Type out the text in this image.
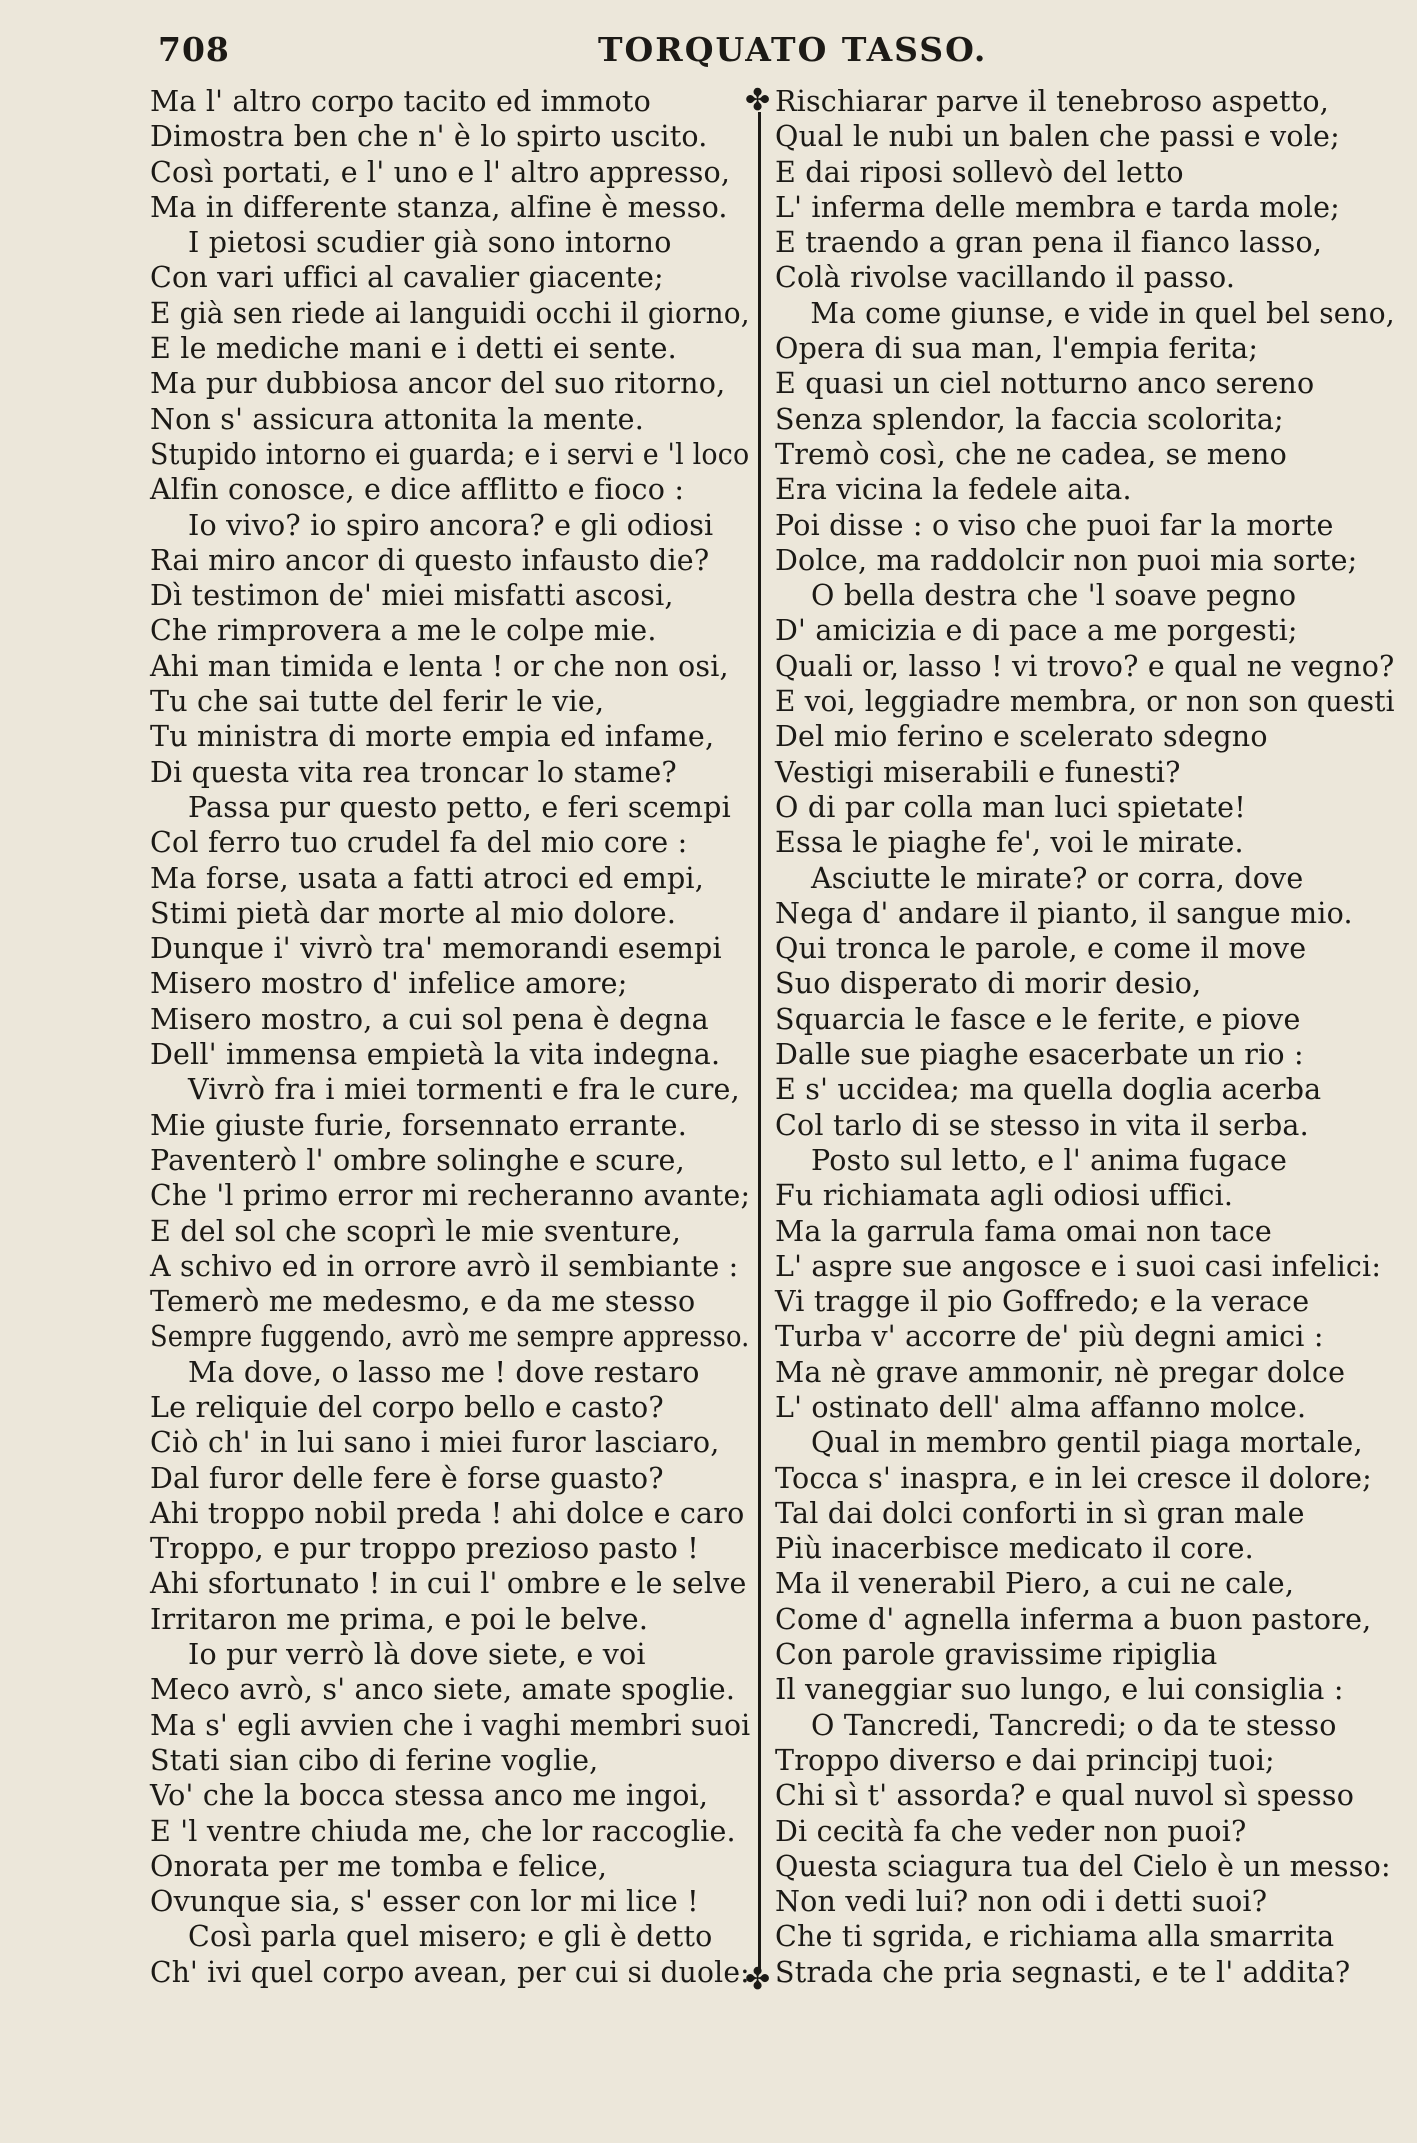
708	TORQUATO TASSO.
Ma l' altro corpo tacito ed immoto
Dimostra ben che n' è lo spirto uscito.
Così portati, e l' uno e l' altro appresso,
Ma in differente stanza, alfine è messo.
I pietosi scudier già sono intorno
Con vari uffici al cavalier giacente;
E già sen riede ai languidi occhi il giorno,
E le mediche mani e i detti ei sente.
Ma pur dubbiosa ancor del suo ritorno,
Non s' assicura attonita la mente.
Stupido intorno ei guarda; e i servi e 'l loco
Alfin conosce, e dice afflitto e fioco :
Io vivo? io spiro ancora? e gli odiosi
Rai miro ancor di questo infausto die?
Dì testimon de' miei misfatti ascosi,
Che rimprovera a me le colpe mie.
Ahi man timida e lenta ! or che non osi,
Tu che sai tutte del ferir le vie,
Tu ministra di morte empia ed infame,
Di questa vita rea troncar lo stame?
Passa pur questo petto, e feri scempi
Col ferro tuo crudel fa del mio core :
Ma forse, usata a fatti atroci ed empi,
Stimi pietà dar morte al mio dolore.
Dunque i' vivrò tra' memorandi esempi
Misero mostro d' infelice amore;
Misero mostro, a cui sol pena è degna
Dell' immensa empietà la vita indegna.
Vivrò fra i miei tormenti e fra le cure,
Mie giuste furie, forsennato errante.
Paventerò l' ombre solinghe e scure,
Che 'l primo error mi recheranno avante;
E del sol che scoprì le mie sventure,
A schivo ed in orrore avrò il sembiante :
Temerò me medesmo, e da me stesso
Sempre fuggendo, avrò me sempre appresso.
Ma dove, o lasso me ! dove restaro
Le reliquie del corpo bello e casto?
Ciò ch' in lui sano i miei furor lasciaro,
Dal furor delle fere è forse guasto?
Ahi troppo nobil preda ! ahi dolce e caro
Troppo, e pur troppo prezioso pasto !
Ahi sfortunato ! in cui l' ombre e le selve
Irritaron me prima, e poi le belve.
Io pur verrò là dove siete, e voi
Meco avrò, s' anco siete, amate spoglie.
Ma s' egli avvien che i vaghi membri suoi
Stati sian cibo di ferine voglie,
Vo' che la bocca stessa anco me ingoi,
E 'l ventre chiuda me, che lor raccoglie.
Onorata per me tomba e felice,
Ovunque sia, s' esser con lor mi lice !
Così parla quel misero; e gli è detto
Ch' ivi quel corpo avean, per cui si duole:
✤
✤
Rischiarar parve il tenebroso aspetto,
Qual le nubi un balen che passi e vole;
E dai riposi sollevò del letto
L' inferma delle membra e tarda mole;
E traendo a gran pena il fianco lasso,
Colà rivolse vacillando il passo.
Ma come giunse, e vide in quel bel seno,
Opera di sua man, l'empia ferita;
E quasi un ciel notturno anco sereno
Senza splendor, la faccia scolorita;
Tremò così, che ne cadea, se meno
Era vicina la fedele aita.
Poi disse : o viso che puoi far la morte
Dolce, ma raddolcir non puoi mia sorte;
O bella destra che 'l soave pegno
D' amicizia e di pace a me porgesti;
Quali or, lasso ! vi trovo? e qual ne vegno?
E voi, leggiadre membra, or non son questi
Del mio ferino e scelerato sdegno
Vestigi miserabili e funesti?
O di par colla man luci spietate!
Essa le piaghe fe', voi le mirate.
Asciutte le mirate? or corra, dove
Nega d' andare il pianto, il sangue mio.
Qui tronca le parole, e come il move
Suo disperato di morir desio,
Squarcia le fasce e le ferite, e piove
Dalle sue piaghe esacerbate un rio :
E s' uccidea; ma quella doglia acerba
Col tarlo di se stesso in vita il serba.
Posto sul letto, e l' anima fugace
Fu richiamata agli odiosi uffici.
Ma la garrula fama omai non tace
L' aspre sue angosce e i suoi casi infelici:
Vi tragge il pio Goffredo; e la verace
Turba v' accorre de' più degni amici :
Ma nè grave ammonir, nè pregar dolce
L' ostinato dell' alma affanno molce.
Qual in membro gentil piaga mortale,
Tocca s' inaspra, e in lei cresce il dolore;
Tal dai dolci conforti in sì gran male
Più inacerbisce medicato il core.
Ma il venerabil Piero, a cui ne cale,
Come d' agnella inferma a buon pastore,
Con parole gravissime ripiglia
Il vaneggiar suo lungo, e lui consiglia :
O Tancredi, Tancredi; o da te stesso
Troppo diverso e dai principj tuoi;
Chi sì t' assorda? e qual nuvol sì spesso
Di cecità fa che veder non puoi?
Questa sciagura tua del Cielo è un messo:
Non vedi lui? non odi i detti suoi?
Che ti sgrida, e richiama alla smarrita
Strada che pria segnasti, e te l' addita?
